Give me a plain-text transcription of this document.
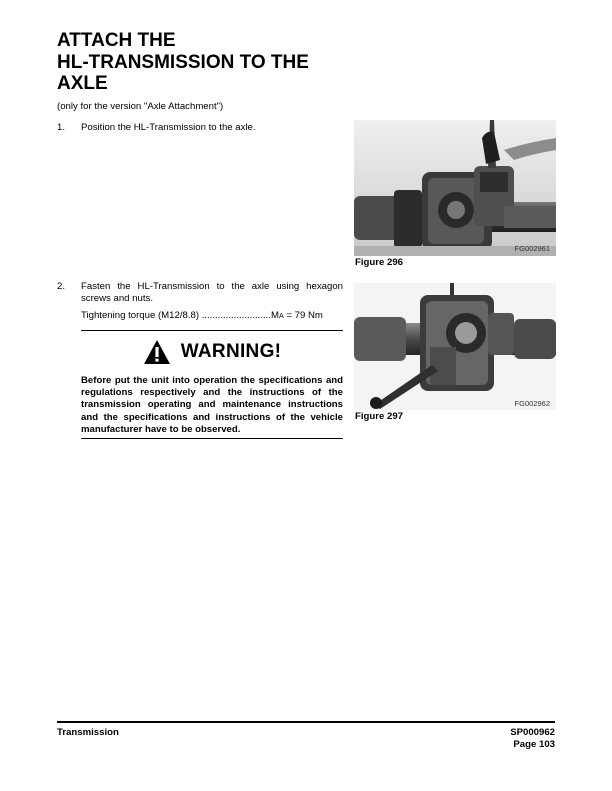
ATTACH THE
HL-TRANSMISSION TO THE
AXLE
(only for the version "Axle Attachment")
1.	Position the HL-Transmission to the axle.
2.	Fasten the HL-Transmission to the axle using hexagon screws and nuts.
Tightening torque (M12/8.8) ..........................MA = 79 Nm
WARNING!
Before put the unit into operation the specifications and regulations respectively and the instructions of the transmission operating and maintenance instructions and the specifications and instructions of the vehicle manufacturer have to be observed.
FG002961
Figure 296
FG002962
Figure 297
Transmission	SP000962
Page 103
